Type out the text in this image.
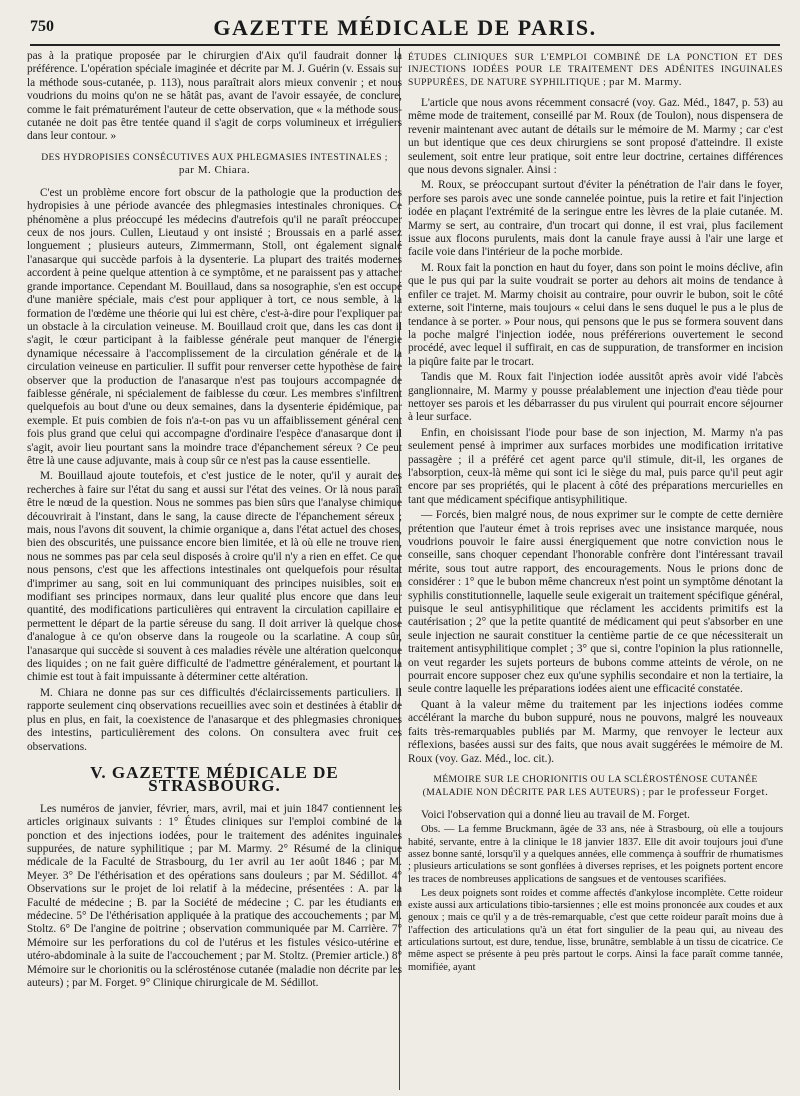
750	GAZETTE MÉDICALE DE PARIS.

pas à la pratique proposée par le chirurgien d'Aix qu'il faudrait donner la préférence. L'opération spéciale imaginée et décrite par M. J. Guérin (v. Essais sur la méthode sous-cutanée, p. 113), nous paraîtrait alors mieux convenir ; et nous voudrions du moins qu'on ne se hâtât pas, avant de l'avoir essayée, de conclure, comme le fait prématurément l'auteur de cette observation, que « la méthode sous-cutanée ne doit pas être tentée quand il s'agit de corps volumineux et irréguliers dans leur contour. »

DES HYDROPISIES CONSÉCUTIVES AUX PHLEGMASIES INTESTINALES ;
par M. Chiara.

C'est un problème encore fort obscur de la pathologie que la production des hydropisies à une période avancée des phlegmasies intestinales chroniques. Ce phénomène a plus préoccupé les médecins d'autrefois qu'il ne paraît préoccuper ceux de nos jours. Cullen, Lieutaud y ont insisté ; Broussais en a parlé assez longuement ; plusieurs auteurs, Zimmermann, Stoll, ont également signalé l'anasarque qui succède parfois à la dysenterie. La plupart des traités modernes accordent à peine quelque attention à ce symptôme, et ne paraissent pas y attacher grande importance. Cependant M. Bouillaud, dans sa nosographie, s'en est occupé d'une manière spéciale, mais c'est pour appliquer à tort, ce nous semble, à la formation de l'œdème une théorie qui lui est chère, c'est-à-dire pour l'expliquer par un obstacle à la circulation veineuse. M. Bouillaud croit que, dans les cas dont il s'agit, le cœur participant à la faiblesse générale peut manquer de l'énergie dynamique nécessaire à l'accomplissement de la circulation générale et de la circulation veineuse en particulier. Il suffit pour renverser cette hypothèse de faire observer que la production de l'anasarque n'est pas toujours accompagnée de faiblesse générale, ni spécialement de faiblesse du cœur. Les membres s'infiltrent quelquefois au bout d'une ou deux semaines, dans la dysenterie épidémique, par exemple. Et puis combien de fois n'a-t-on pas vu un affaiblissement général cent fois plus grand que celui qui accompagne d'ordinaire l'espèce d'anasarque dont il s'agit, avoir lieu pourtant sans la moindre trace d'épanchement séreux ? Ce peut être là une cause adjuvante, mais à coup sûr ce n'est pas la cause essentielle.

M. Bouillaud ajoute toutefois, et c'est justice de le noter, qu'il y aurait des recherches à faire sur l'état du sang et aussi sur l'état des veines. Or là nous paraît être le nœud de la question. Nous ne sommes pas bien sûrs que l'analyse chimique découvrirait à l'instant, dans le sang, la cause directe de l'épanchement séreux ; mais, nous l'avons dit souvent, la chimie organique a, dans l'état actuel des choses, bien des obscurités, une puissance encore bien limitée, et là où elle ne trouve rien, nous ne sommes pas par cela seul disposés à croire qu'il n'y a rien en effet. Ce que nous pensons, c'est que les affections intestinales ont quelquefois pour résultat d'imprimer au sang, soit en lui communiquant des principes nuisibles, soit en modifiant ses principes normaux, dans leur qualité plus encore que dans leur quantité, des modifications particulières qui entravent la circulation capillaire et permettent le départ de la partie séreuse du sang. Il doit arriver là quelque chose d'analogue à ce qu'on observe dans la rougeole ou la scarlatine. A coup sûr, l'anasarque qui succède si souvent à ces maladies révèle une altération quelconque des liquides ; on ne fait guère difficulté de l'admettre généralement, et pourtant la chimie est tout à fait impuissante à déterminer cette altération.

M. Chiara ne donne pas sur ces difficultés d'éclaircissements particuliers. Il rapporte seulement cinq observations recueillies avec soin et destinées à établir de plus en plus, en fait, la coexistence de l'anasarque et des phlegmasies chroniques des intestins, particulièrement des colons. On consultera avec fruit ces observations.

V. GAZETTE MÉDICALE DE STRASBOURG.

Les numéros de janvier, février, mars, avril, mai et juin 1847 contiennent les articles originaux suivants : 1° Études cliniques sur l'emploi combiné de la ponction et des injections iodées, pour le traitement des adénites inguinales suppurées, de nature syphilitique ; par M. Marmy. 2° Résumé de la clinique médicale de la Faculté de Strasbourg, du 1er avril au 1er août 1846 ; par M. Meyer. 3° De l'éthérisation et des opérations sans douleurs ; par M. Sédillot. 4° Observations sur le projet de loi relatif à la médecine, présentées : A. par la Faculté de médecine ; B. par la Société de médecine ; C. par les étudiants en médecine. 5° De l'éthérisation appliquée à la pratique des accouchements ; par M. Stoltz. 6° De l'angine de poitrine ; observation communiquée par M. Carrière. 7° Mémoire sur les perforations du col de l'utérus et les fistules vésico-utérine et utéro-abdominale à la suite de l'accouchement ; par M. Stoltz. (Premier article.) 8° Mémoire sur le chorionitis ou la sclérosténose cutanée (maladie non décrite par les auteurs) ; par M. Forget. 9° Clinique chirurgicale de M. Sédillot.

ÉTUDES CLINIQUES SUR L'EMPLOI COMBINÉ DE LA PONCTION ET DES INJECTIONS IODÉES POUR LE TRAITEMENT DES ADÉNITES INGUINALES SUPPURÉES, DE NATURE SYPHILITIQUE ; par M. Marmy.

L'article que nous avons récemment consacré (voy. Gaz. Méd., 1847, p. 53) au même mode de traitement, conseillé par M. Roux (de Toulon), nous dispensera de revenir maintenant avec autant de détails sur le mémoire de M. Marmy ; car c'est un but identique que ces deux chirurgiens se sont proposé d'atteindre. Il existe seulement, soit entre leur pratique, soit entre leur doctrine, certaines différences que nous devons signaler. Ainsi :

M. Roux, se préoccupant surtout d'éviter la pénétration de l'air dans le foyer, perfore ses parois avec une sonde cannelée pointue, puis la retire et fait l'injection iodée en plaçant l'extrémité de la seringue entre les lèvres de la plaie cutanée. M. Marmy se sert, au contraire, d'un trocart qui donne, il est vrai, plus facilement issue aux flocons purulents, mais dont la canule fraye aussi à l'air une large et facile voie dans l'intérieur de la poche morbide.

M. Roux fait la ponction en haut du foyer, dans son point le moins déclive, afin que le pus qui par la suite voudrait se porter au dehors ait moins de tendance à enfiler ce trajet. M. Marmy choisit au contraire, pour ouvrir le bubon, soit le côté externe, soit l'interne, mais toujours « celui dans le sens duquel le pus a le plus de tendance à se porter. » Pour nous, qui pensons que le pus se formera souvent dans la poche malgré l'injection iodée, nous préférerions ouvertement le second procédé, avec lequel il suffirait, en cas de suppuration, de transformer en incision la piqûre faite par le trocart.

Tandis que M. Roux fait l'injection iodée aussitôt après avoir vidé l'abcès ganglionnaire, M. Marmy y pousse préalablement une injection d'eau tiède pour nettoyer ses parois et les débarrasser du pus virulent qui pourrait encore séjourner à leur surface.

Enfin, en choisissant l'iode pour base de son injection, M. Marmy n'a pas seulement pensé à imprimer aux surfaces morbides une modification irritative passagère ; il a préféré cet agent parce qu'il stimule, dit-il, les organes de l'absorption, ceux-là même qui sont ici le siège du mal, puis parce qu'il peut agir encore par ses propriétés, qui le placent à côté des préparations mercurielles en tant que médicament spécifique antisyphilitique.

— Forcés, bien malgré nous, de nous exprimer sur le compte de cette dernière prétention que l'auteur émet à trois reprises avec une insistance marquée, nous voudrions pouvoir le faire aussi énergiquement que notre conviction nous le conseille, sans choquer cependant l'honorable confrère dont l'intéressant travail mérite, sous tout autre rapport, des encouragements. Nous le prions donc de considérer : 1° que le bubon même chancreux n'est point un symptôme dénotant la syphilis constitutionnelle, laquelle seule exigerait un traitement spécifique général, puisque le seul antisyphilitique que réclament les accidents primitifs est la cautérisation ; 2° que la petite quantité de médicament qui peut s'absorber en une seule injection ne saurait constituer la centième partie de ce que nécessiterait un traitement antisyphilitique complet ; 3° que si, contre l'opinion la plus rationnelle, on veut regarder les sujets porteurs de bubons comme atteints de vérole, on ne pourrait encore supposer chez eux qu'une syphilis secondaire et non la tertiaire, la seule contre laquelle les préparations iodées aient une efficacité constatée.

Quant à la valeur même du traitement par les injections iodées comme accélérant la marche du bubon suppuré, nous ne pouvons, malgré les nouveaux faits très-remarquables publiés par M. Marmy, que renvoyer le lecteur aux réflexions, basées aussi sur des faits, que nous avait suggérées le mémoire de M. Roux (voy. Gaz. Méd., loc. cit.).

MÉMOIRE SUR LE CHORIONITIS OU LA SCLÉROSTÉNOSE CUTANÉE (MALADIE NON DÉCRITE PAR LES AUTEURS) ; par le professeur Forget.

Voici l'observation qui a donné lieu au travail de M. Forget.

Obs. — La femme Bruckmann, âgée de 33 ans, née à Strasbourg, où elle a toujours habité, servante, entre à la clinique le 18 janvier 1837. Elle dit avoir toujours joui d'une assez bonne santé, lorsqu'il y a quelques années, elle commença à souffrir de rhumatismes ; plusieurs articulations se sont gonflées à diverses reprises, et les poignets portent encore les traces de nombreuses applications de sangsues et de ventouses scarifiées.

Les deux poignets sont roides et comme affectés d'ankylose incomplète. Cette roideur existe aussi aux articulations tibio-tarsiennes ; elle est moins prononcée aux coudes et aux genoux ; mais ce qu'il y a de très-remarquable, c'est que cette roideur paraît moins due à l'affection des articulations qu'à un état fort singulier de la peau qui, au niveau des articulations surtout, est dure, tendue, lisse, brunâtre, semblable à un tissu de cicatrice. Ce même aspect se présente à peu près partout le corps. Ainsi la face paraît comme tannée, momifiée, ayant
